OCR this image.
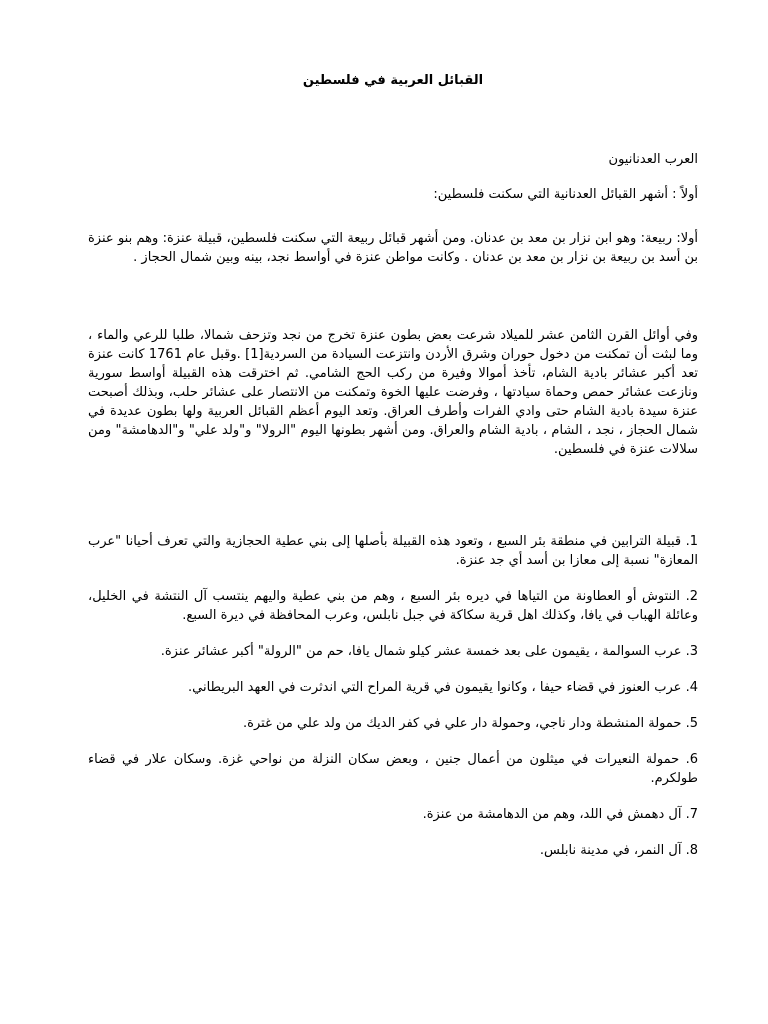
القبائل العربية في فلسطين

العرب العدنانيون

أولاً : أشهر القبائل العدنانية التي سكنت فلسطين:

أولا: ربيعة: وهو ابن نزار بن معد بن عدنان. ومن أشهر قبائل ربيعة التي سكنت فلسطين، قبيلة عنزة: وهم بنو عنزة بن أسد بن ربيعة بن نزار بن معد بن عدنان . وكانت مواطن عنزة في أواسط نجد، بينه وبين شمال الحجاز .

وفي أوائل القرن الثامن عشر للميلاد شرعت بعض بطون عنزة تخرج من نجد وتزحف شمالا، طلبا للرعي والماء ، وما لبثت أن تمكنت من دخول حوران وشرق الأردن وانتزعت السيادة من السردية[1] .وقبل عام 1761 كانت عنزة تعد أكبر عشائر بادية الشام، تأخذ أموالا وفيرة من ركب الحج الشامي. ثم اخترقت هذه القبيلة أواسط سورية ونازعت عشائر حمص وحماة سيادتها ، وفرضت عليها الخوة وتمكنت من الانتصار على عشائر حلب، وبذلك أصبحت عنزة سيدة بادية الشام حتى وادي الفرات وأطرف العراق. وتعد اليوم أعظم القبائل العربية ولها بطون عديدة في شمال الحجاز ، نجد ، الشام ، بادية الشام والعراق. ومن أشهر بطونها اليوم "الرولا" و"ولد علي" و"الدهامشة" ومن سلالات عنزة في فلسطين.

1. قبيلة الترابين في منطقة بئر السبع ، وتعود هذه القبيلة بأصلها إلى بني عطية الحجازية والتي تعرف أحيانا "عرب المعازة" نسبة إلى معازا بن أسد أي جد عنزة.
2. النتوش أو العطاونة من التياها في ديره بئر السبع ، وهم من بني عطية واليهم ينتسب آل النتشة في الخليل، وعائلة الهباب في يافا، وكذلك اهل قرية سكاكة في جبل نابلس، وعرب المحافظة في ديرة السبع.
3. عرب السوالمة ، يقيمون على بعد خمسة عشر كيلو شمال يافا، حم من "الرولة" أكبر عشائر عنزة.
4. عرب العنوز في قضاء حيفا ، وكانوا يقيمون في قرية المراح التي اندثرت في العهد البريطاني.
5. حمولة المنشطة ودار ناجي، وحمولة دار علي في كفر الديك من ولد علي من غترة.
6. حمولة النعيرات في ميثلون من أعمال جنين ، وبعض سكان النزلة من نواحي غزة. وسكان علار في قضاء طولكرم.
7. آل دهمش في اللد، وهم من الدهامشة من عنزة.
8. آل النمر، في مدينة نابلس.
